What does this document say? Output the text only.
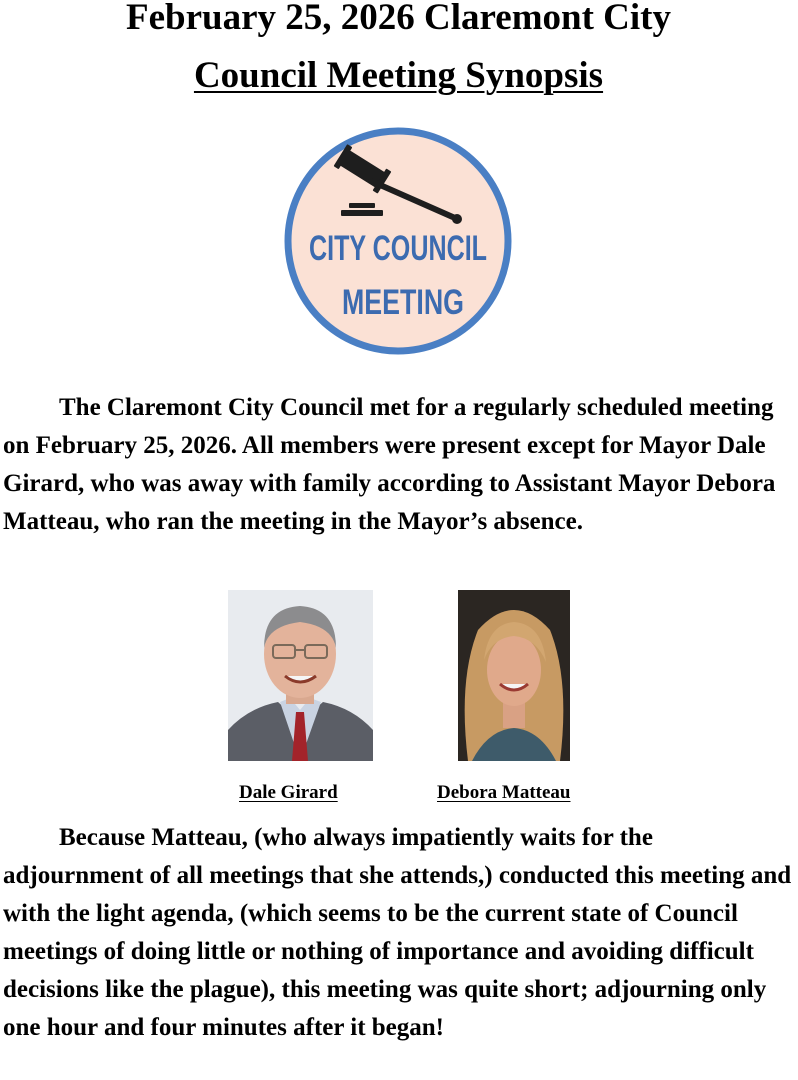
February 25, 2026 Claremont City
Council Meeting Synopsis
CITY COUNCIL
MEETING

The Claremont City Council met for a regularly scheduled meeting on February 25, 2026. All members were present except for Mayor Dale Girard, who was away with family according to Assistant Mayor Debora Matteau, who ran the meeting in the Mayor’s absence.

Dale Girard	Debora Matteau

Because Matteau, (who always impatiently waits for the adjournment of all meetings that she attends,) conducted this meeting and with the light agenda, (which seems to be the current state of Council meetings of doing little or nothing of importance and avoiding difficult decisions like the plague), this meeting was quite short; adjourning only one hour and four minutes after it began!
